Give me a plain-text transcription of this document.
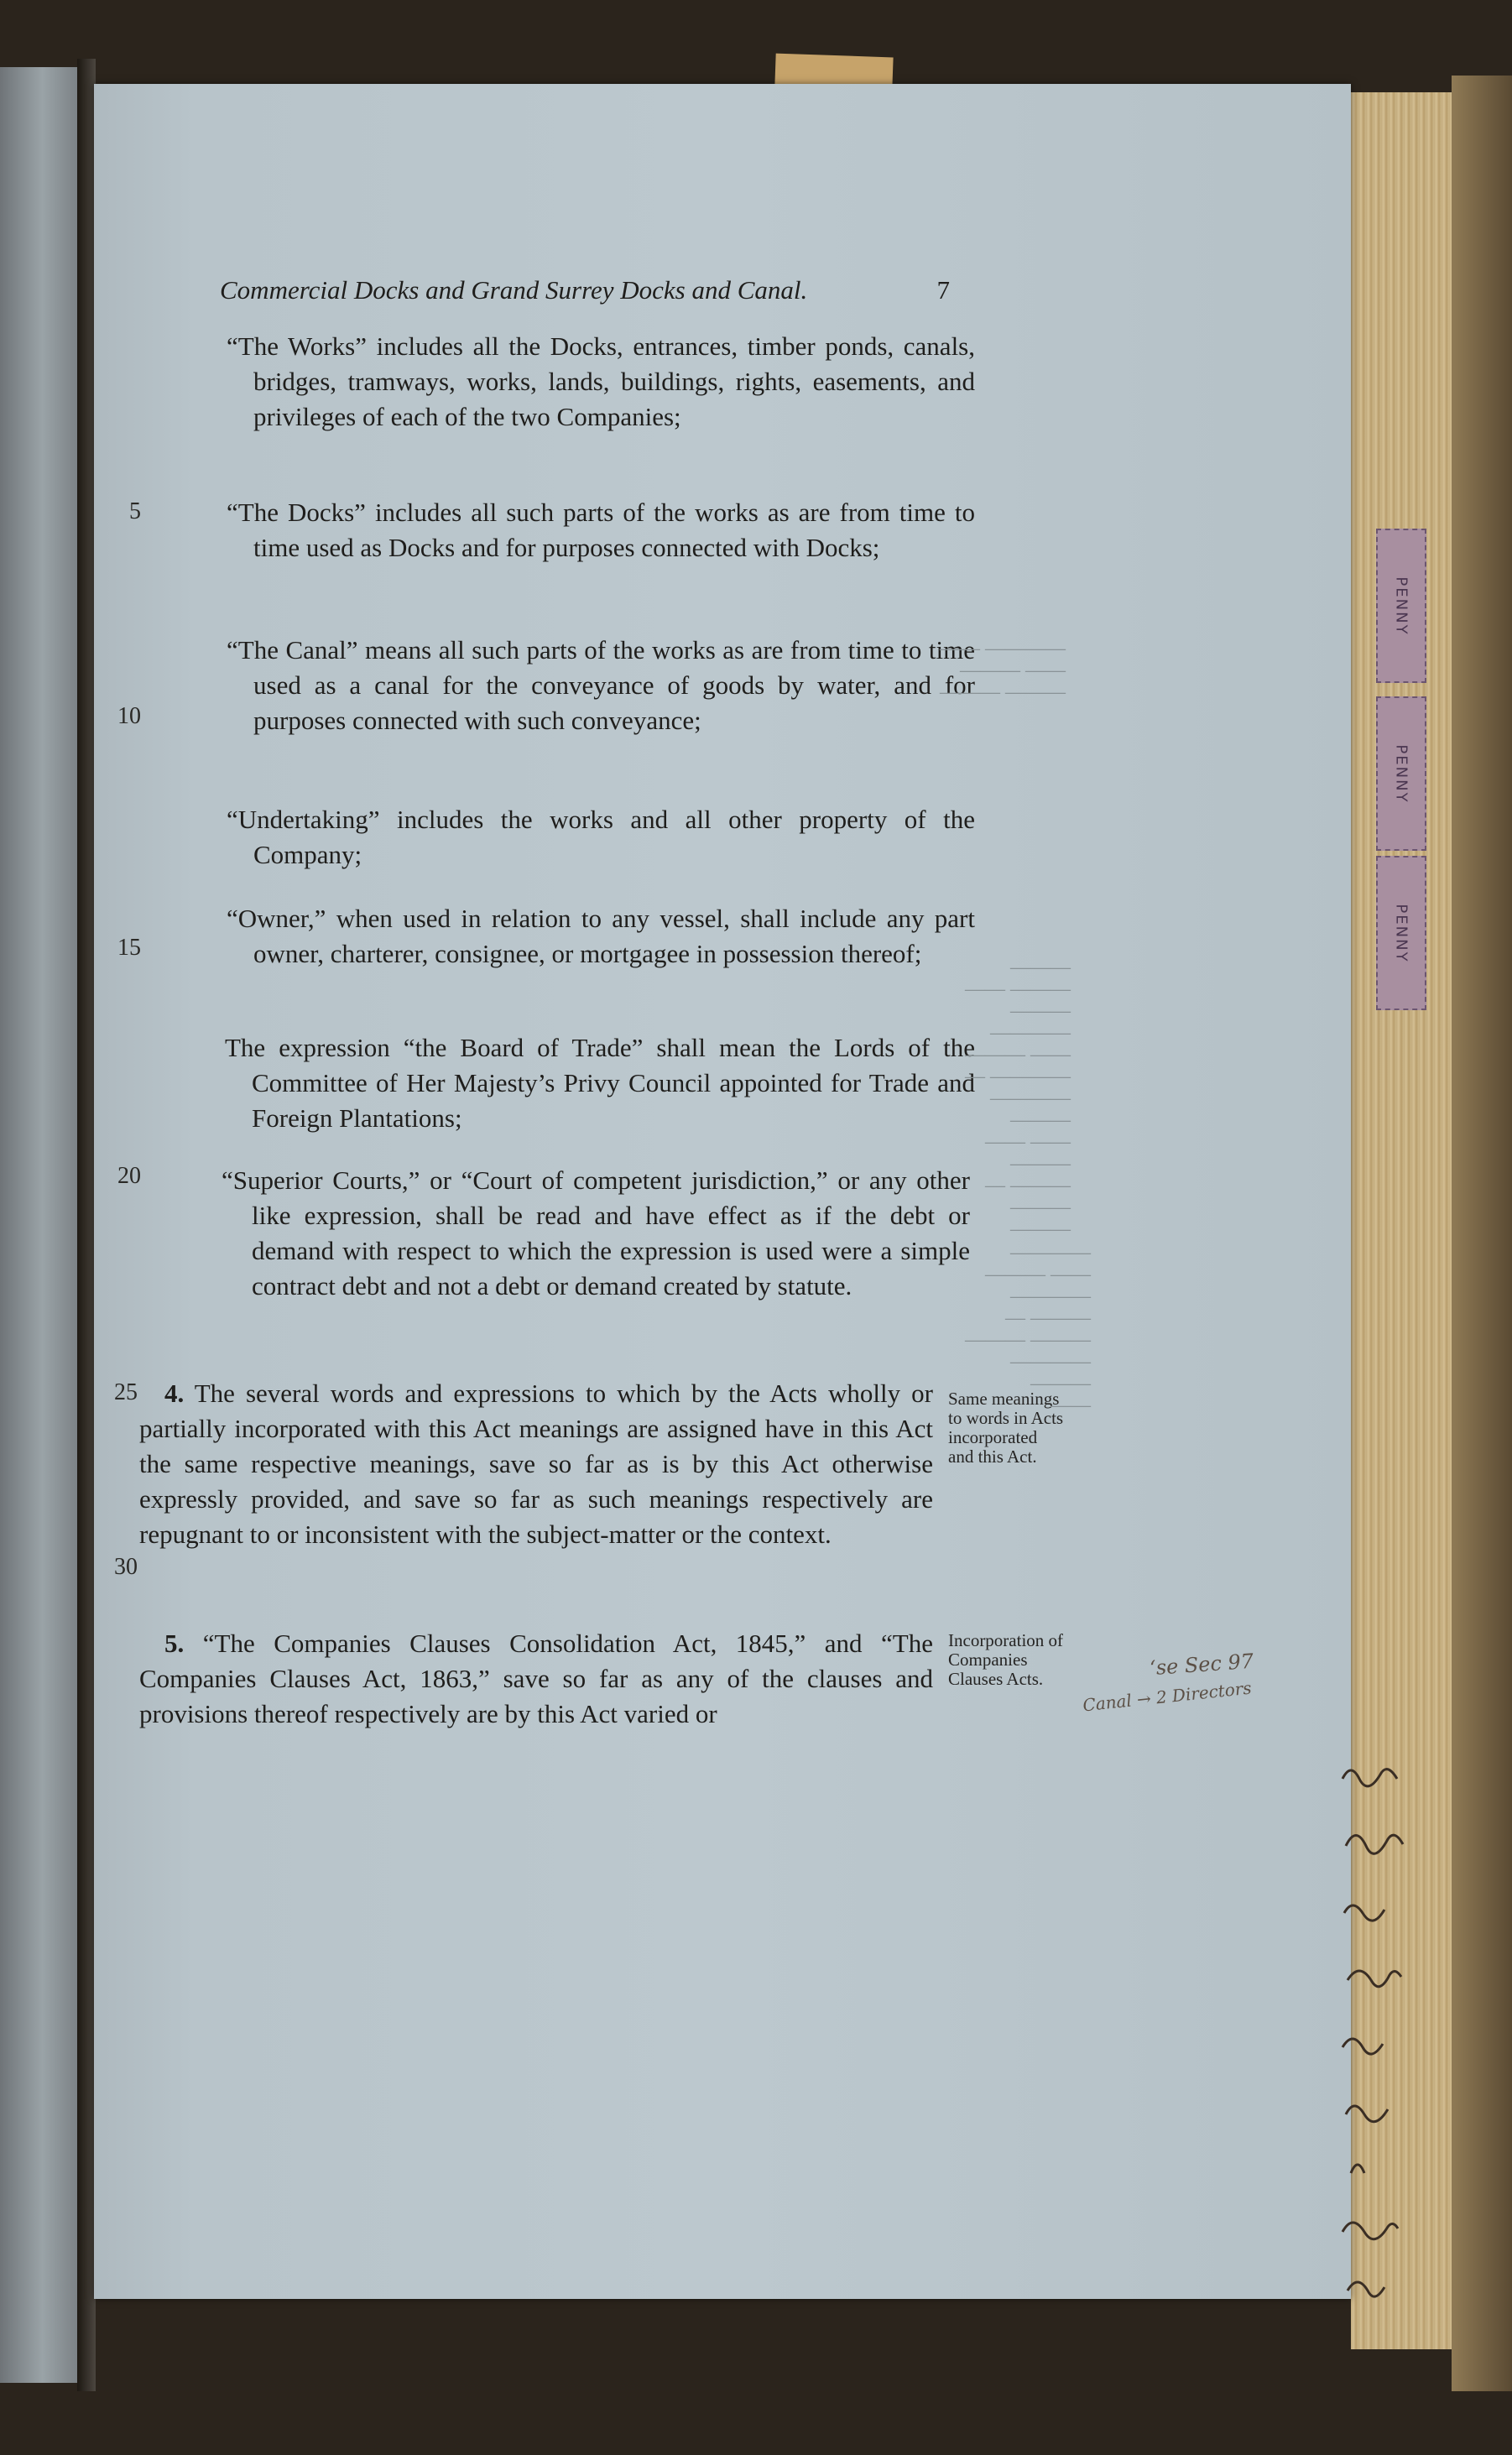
PENNY
PENNY
PENNY
Commercial Docks and Grand Surrey Docks and Canal.	7
“The Works” includes all the Docks, entrances, timber ponds, canals, bridges, tramways, works, lands, buildings, rights, easements, and privileges of each of the two Companies;
“The Docks” includes all such parts of the works as are from time to time used as Docks and for purposes connected with Docks;
“The Canal” means all such parts of the works as are from time to time used as a canal for the conveyance of goods by water, and for purposes connected with such conveyance;
“Undertaking” includes the works and all other property of the Company;
“Owner,” when used in relation to any vessel, shall include any part owner, charterer, consignee, or mortgagee in possession thereof;
The expression “the Board of Trade” shall mean the Lords of the Committee of Her Majesty’s Privy Council appointed for Trade and Foreign Plantations;
“Superior Courts,” or “Court of competent jurisdiction,” or any other like expression, shall be read and have effect as if the debt or demand with respect to which the expression is used were a simple contract debt and not a debt or demand created by statute.
4. The several words and expressions to which by the Acts wholly or partially incorporated with this Act meanings are assigned have in this Act the same respective meanings, save so far as is by this Act otherwise expressly provided, and save so far as such meanings respectively are repugnant to or inconsistent with the subject-matter or the context.
Same meanings to words in Acts incorporated and this Act.
5. “The Companies Clauses Consolidation Act, 1845,” and “The Companies Clauses Act, 1863,” save so far as any of the clauses and provisions thereof respectively are by this Act varied or
Incorporation of Companies Clauses Acts.
5
10
15
20
25
30
———— ——
—— ———
——— ———
———
——— ——
———
————
—— ———
———— —
————
———
—— ——
———
——— —
———
———
————
—— ———
————
——— —
——— ———
————
———
——
‘se Sec 97
Canal → 2 Directors
